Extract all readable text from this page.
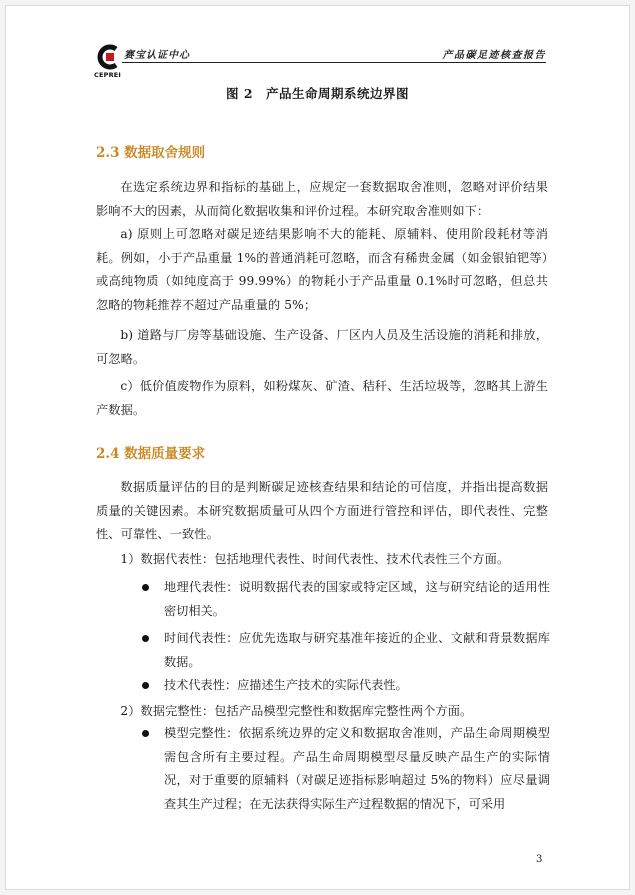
CEPREI
赛宝认证中心	产品碳足迹核查报告
图 2　产品生命周期系统边界图
2.3 数据取舍规则

在选定系统边界和指标的基础上，应规定一套数据取舍准则，忽略对评价结果影响不大的因素，从而简化数据收集和评价过程。本研究取舍准则如下：

a) 原则上可忽略对碳足迹结果影响不大的能耗、原辅料、使用阶段耗材等消耗。例如，小于产品重量 1%的普通消耗可忽略，而含有稀贵金属（如金银铂钯等）或高纯物质（如纯度高于 99.99%）的物耗小于产品重量 0.1%时可忽略，但总共忽略的物耗推荐不超过产品重量的 5%；

b) 道路与厂房等基础设施、生产设备、厂区内人员及生活设施的消耗和排放，可忽略。

c）低价值废物作为原料，如粉煤灰、矿渣、秸秆、生活垃圾等，忽略其上游生产数据。

2.4 数据质量要求

数据质量评估的目的是判断碳足迹核查结果和结论的可信度，并指出提高数据质量的关键因素。本研究数据质量可从四个方面进行管控和评估，即代表性、完整性、可靠性、一致性。

1）数据代表性：包括地理代表性、时间代表性、技术代表性三个方面。

地理代表性：说明数据代表的国家或特定区域，这与研究结论的适用性密切相关。

时间代表性：应优先选取与研究基准年接近的企业、文献和背景数据库数据。

技术代表性：应描述生产技术的实际代表性。

2）数据完整性：包括产品模型完整性和数据库完整性两个方面。

模型完整性：依据系统边界的定义和数据取舍准则，产品生命周期模型需包含所有主要过程。产品生命周期模型尽量反映产品生产的实际情况，对于重要的原辅料（对碳足迹指标影响超过 5%的物料）应尽量调查其生产过程；在无法获得实际生产过程数据的情况下，可采用

3
